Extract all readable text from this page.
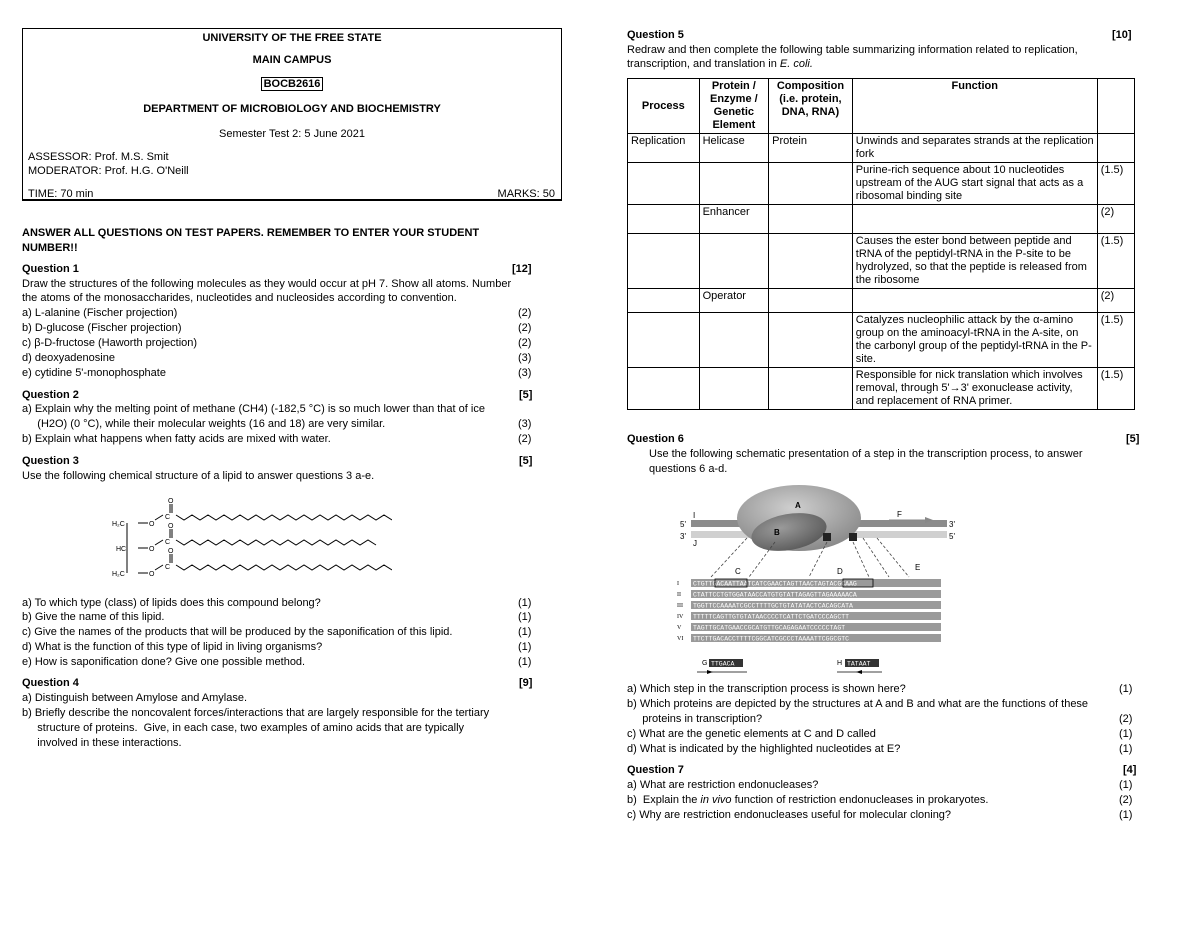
UNIVERSITY OF THE FREE STATE
MAIN CAMPUS
BOCB2616
DEPARTMENT OF MICROBIOLOGY AND BIOCHEMISTRY
Semester Test 2: 5 June 2021
ASSESSOR: Prof. M.S. Smit
MODERATOR: Prof. H.G. O'Neill
TIME: 70 min	MARKS: 50
ANSWER ALL QUESTIONS ON TEST PAPERS. REMEMBER TO ENTER YOUR STUDENT
NUMBER!!
Question 1	[12]
Draw the structures of the following molecules as they would occur at pH 7. Show all atoms. Number
the atoms of the monosaccharides, nucleotides and nucleosides according to convention.
a) L-alanine (Fischer projection)	(2)
b) D-glucose (Fischer projection)	(2)
c) β-D-fructose (Haworth projection)	(2)
d) deoxyadenosine	(3)
e) cytidine 5'-monophosphate	(3)
Question 2	[5]
a) Explain why the melting point of methane (CH4) (-182,5 °C) is so much lower than that of ice
(H2O) (0 °C), while their molecular weights (16 and 18) are very similar.	(3)
b) Explain what happens when fatty acids are mixed with water.	(2)
Question 3	[5]
Use the following chemical structure of a lipid to answer questions 3 a-e.
H₂C
HC
H₂C
O
O
O
O
O
O
C
C
C
a) To which type (class) of lipids does this compound belong?	(1)
b) Give the name of this lipid.	(1)
c) Give the names of the products that will be produced by the saponification of this lipid.	(1)
d) What is the function of this type of lipid in living organisms?	(1)
e) How is saponification done? Give one possible method.	(1)
Question 4	[9]
a) Distinguish between Amylose and Amylase.
b) Briefly describe the noncovalent forces/interactions that are largely responsible for the tertiary
structure of proteins.  Give, in each case, two examples of amino acids that are typically
involved in these interactions.
Question 5	[10]
Redraw and then complete the following table summarizing information related to replication,
transcription, and translation in E. coli.
Process	Protein / Enzyme / Genetic Element	Composition (i.e. protein, DNA, RNA)	Function	
Replication	Helicase	Protein	Unwinds and separates strands at the replication fork	
			Purine-rich sequence about 10 nucleotides upstream of the AUG start signal that acts as a ribosomal binding site	(1.5)
	Enhancer			(2)
			Causes the ester bond between peptide and tRNA of the peptidyl-tRNA in the P-site to be hydrolyzed, so that the peptide is released from the ribosome	(1.5)
	Operator			(2)
			Catalyzes nucleophilic attack by the α-amino group on the aminoacyl-tRNA in the A-site, on the carbonyl group of the peptidyl-tRNA in the P-site.	(1.5)
			Responsible for nick translation which involves removal, through 5'→3' exonuclease activity, and replacement of RNA primer.	(1.5)
Question 6	[5]
Use the following schematic presentation of a step in the transcription process, to answer
questions 6 a-d.
A
B
C	D	E
F
I
J
5'
3'
3'
5'
I CTGTTGACAATTAATCATCGAACTAGTTAACTAGTACGCAAG
II CTATTCCTGTGGATAACCATGTGTATTAGAGTTAGAAAAACA
III TGGTTCCAAAATCGCCTTTTGCTGTATATACTCACAGCATA
IV TTTTTCAGTTGTGTATAACCCCTCATTCTGATCCCAGCTT
V TAGTTGCATGAACCGCATGTTGCAGAGAATCCCCCTAGT
VI TTCTTGACACCTTTTCGGCATCGCCCTAAAATTCGGCGTC
G TTGACA	H TATAAT
a) Which step in the transcription process is shown here?	(1)
b) Which proteins are depicted by the structures at A and B and what are the functions of these
proteins in transcription?	(2)
c) What are the genetic elements at C and D called	(1)
d) What is indicated by the highlighted nucleotides at E?	(1)
Question 7	[4]
a) What are restriction endonucleases?	(1)
b)  Explain the in vivo function of restriction endonucleases in prokaryotes.	(2)
c) Why are restriction endonucleases useful for molecular cloning?	(1)
